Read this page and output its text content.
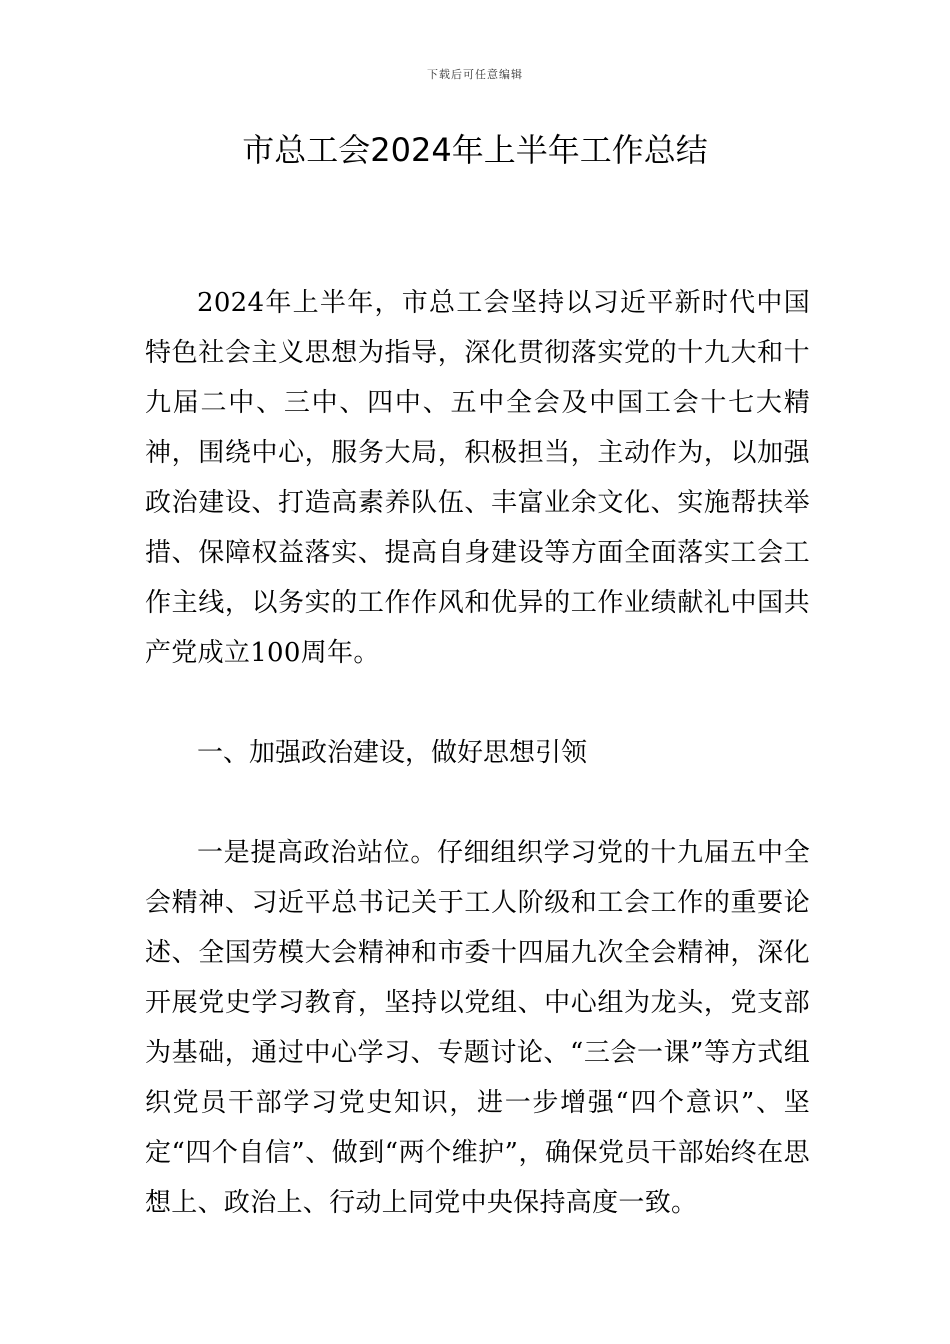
下载后可任意编辑
市总工会2024年上半年工作总结

2024年上半年，市总工会坚持以习近平新时代中国特色社会主义思想为指导，深化贯彻落实党的十九大和十九届二中、三中、四中、五中全会及中国工会十七大精神，围绕中心，服务大局，积极担当，主动作为，以加强政治建设、打造高素养队伍、丰富业余文化、实施帮扶举措、保障权益落实、提高自身建设等方面全面落实工会工作主线，以务实的工作作风和优异的工作业绩献礼中国共产党成立100周年。

一、加强政治建设，做好思想引领

一是提高政治站位。仔细组织学习党的十九届五中全会精神、习近平总书记关于工人阶级和工会工作的重要论述、全国劳模大会精神和市委十四届九次全会精神，深化开展党史学习教育，坚持以党组、中心组为龙头，党支部为基础，通过中心学习、专题讨论、“三会一课”等方式组织党员干部学习党史知识，进一步增强“四个意识”、坚定“四个自信”、做到“两个维护”，确保党员干部始终在思想上、政治上、行动上同党中央保持高度一致。
